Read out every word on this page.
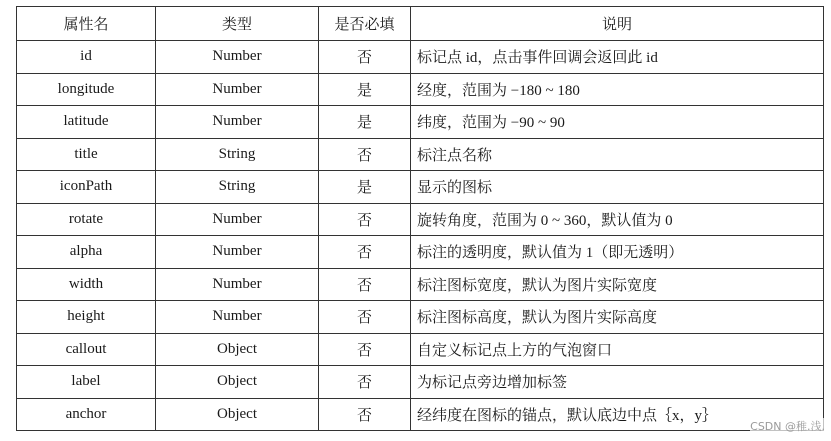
属性名	类型	是否必填	说明
id	Number	否	标记点 id，点击事件回调会返回此 id
longitude	Number	是	经度，范围为 −180 ~ 180
latitude	Number	是	纬度，范围为 −90 ~ 90
title	String	否	标注点名称
iconPath	String	是	显示的图标
rotate	Number	否	旋转角度，范围为 0 ~ 360，默认值为 0
alpha	Number	否	标注的透明度，默认值为 1（即无透明）
width	Number	否	标注图标宽度，默认为图片实际宽度
height	Number	否	标注图标高度，默认为图片实际高度
callout	Object	否	自定义标记点上方的气泡窗口
label	Object	否	为标记点旁边增加标签
anchor	Object	否	经纬度在图标的锚点，默认底边中点｛x，y｝
CSDN @稚.浅.
